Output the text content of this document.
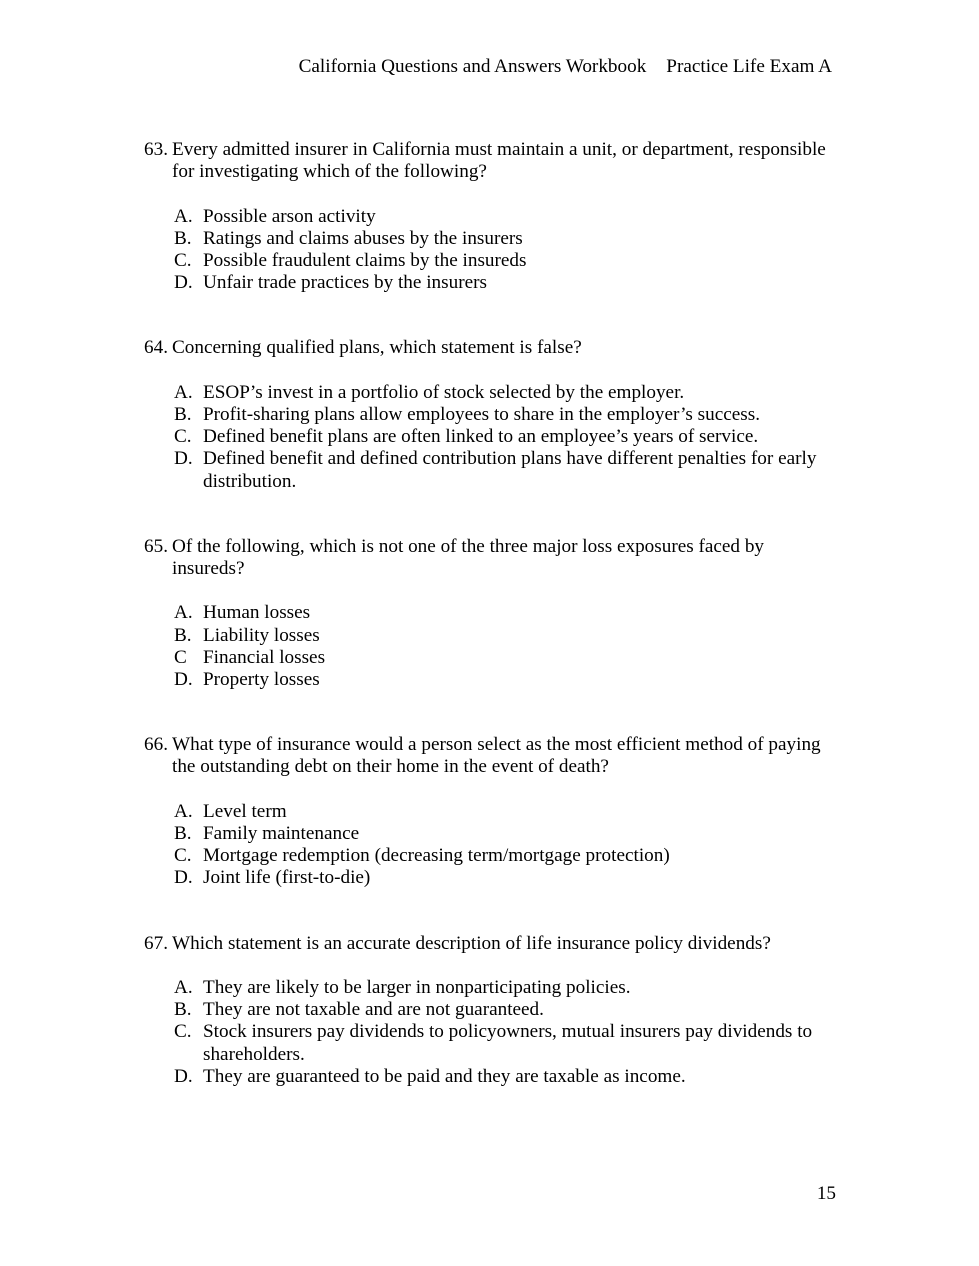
California Questions and Answers Workbook Practice Life Exam A
63. Every admitted insurer in California must maintain a unit, or department, responsible for investigating which of the following?
A. Possible arson activity
B. Ratings and claims abuses by the insurers
C. Possible fraudulent claims by the insureds
D. Unfair trade practices by the insurers
64. Concerning qualified plans, which statement is false?
A. ESOP’s invest in a portfolio of stock selected by the employer.
B. Profit-sharing plans allow employees to share in the employer’s success.
C. Defined benefit plans are often linked to an employee’s years of service.
D. Defined benefit and defined contribution plans have different penalties for early distribution.
65. Of the following, which is not one of the three major loss exposures faced by insureds?
A. Human losses
B. Liability losses
C Financial losses
D. Property losses
66. What type of insurance would a person select as the most efficient method of paying the outstanding debt on their home in the event of death?
A. Level term
B. Family maintenance
C. Mortgage redemption (decreasing term/mortgage protection)
D. Joint life (first-to-die)
67. Which statement is an accurate description of life insurance policy dividends?
A. They are likely to be larger in nonparticipating policies.
B. They are not taxable and are not guaranteed.
C. Stock insurers pay dividends to policyowners, mutual insurers pay dividends to shareholders.
D. They are guaranteed to be paid and they are taxable as income.
15
